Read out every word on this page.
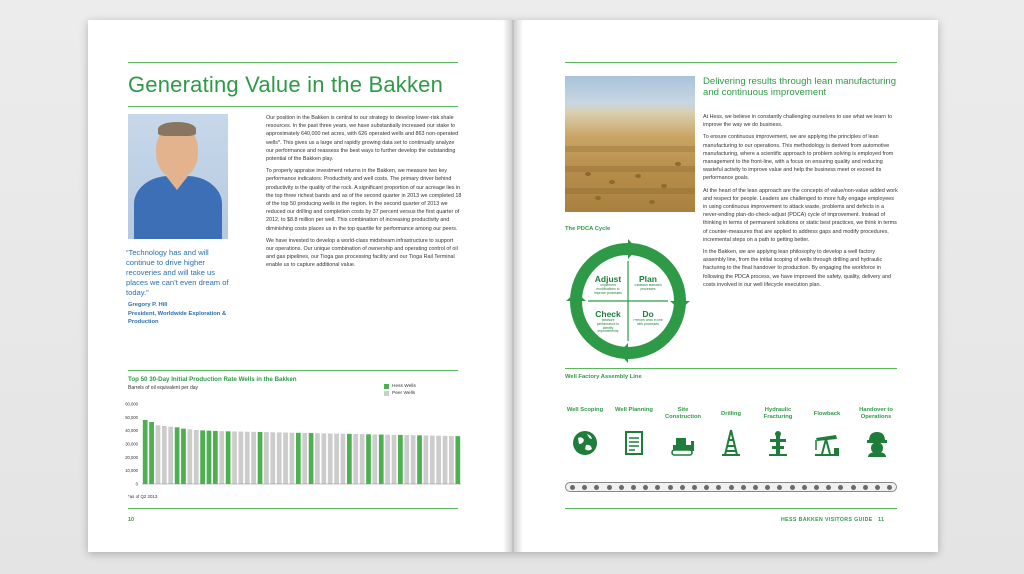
Generating Value in the Bakken
“Technology has and will continue to drive higher recoveries and will take us places we can’t even dream of today.”
Gregory P. Hill
President, Worldwide Exploration & Production

Our position in the Bakken is central to our strategy to develop lower-risk shale resources. In the past three years, we have substantially increased our stake to approximately 640,000 net acres, with 626 operated wells and 863 non-operated wells*. This gives us a large and rapidly growing data set to continually analyze our performance and reassess the best ways to further develop the outstanding potential of the Bakken play.

To properly appraise investment returns in the Bakken, we measure two key performance indicators: Productivity and well costs. The primary driver behind productivity is the quality of the rock. A significant proportion of our acreage lies in the top three richest bands and as of the second quarter in 2013 we completed 18 of the top 50 producing wells in the region. In the second quarter of 2013 we reduced our drilling and completion costs by 37 percent versus the first quarter of 2012, to $8.8 million per well. This combination of increasing productivity and diminishing costs places us in the top quartile for performance among our peers.

We have invested to develop a world-class midstream infrastructure to support our operations. Our unique combination of ownership and operating control of oil and gas pipelines, our Tioga gas processing facility and our Tioga Rail Terminal enable us to capture additional value.

Top 50 30-Day Initial Production Rate Wells in the Bakken
Barrels of oil equivalent per day	Hess Wells
Peer Wells
60,000
50,000
40,000
30,000
20,000
10,000
0
*as of Q2 2013
10
Delivering results through lean manufacturing and continuous improvement

At Hess, we believe in constantly challenging ourselves to use what we learn to improve the way we do business.

To ensure continuous improvement, we are applying the principles of lean manufacturing to our operations. This methodology is derived from automotive manufacturing, where a scientific approach to problem solving is employed from management to the front-line, with a focus on ensuring quality and reducing wasteful activity to improve value and help the business meet or exceed its performance goals.

At the heart of the lean approach are the concepts of value/non-value added work and respect for people. Leaders are challenged to more fully engage employees in using continuous improvement to attack waste, problems and defects in a never-ending plan-do-check-adjust (PDCA) cycle of improvement. Instead of thinking in terms of permanent solutions or static best practices, we think in terms of counter-measures that are applied to address gaps and modify procedures, incremental steps on a path to getting better.

In the Bakken, we are applying lean philosophy to develop a well factory assembly line, from the initial scoping of wells through drilling and hydraulic fracturing to the final handover to production. By engaging the workforce in following the PDCA process, we have improved the safety, quality, delivery and costs involved in our well lifecycle execution plan.

The PDCA Cycle
Adjust Plan
Check	Do
Implement modifications to improve processes
Establish standard processes
Measure performance to identify improvements
Perform work in line with processes
Well Factory Assembly Line
Well Scoping	Well Planning	Site Construction	Drilling
Hydraulic Fracturing	Flowback
Handover to Operations
HESS BAKKEN VISITORS GUIDE 11
